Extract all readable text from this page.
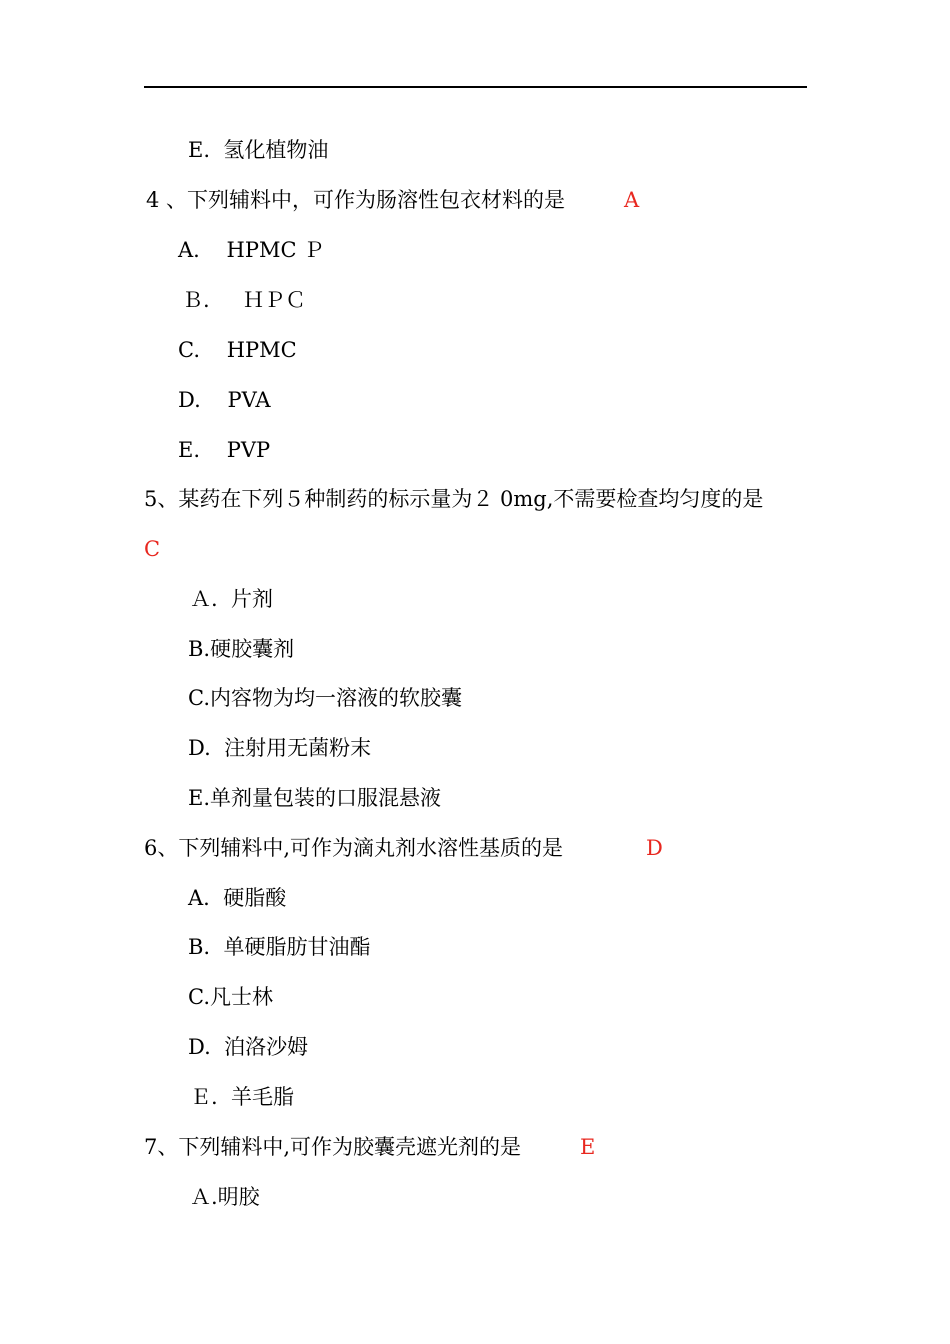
E.  氢化植物油
4 、下列辅料中，可作为肠溶性包衣材料的是	A
A.    HPMC Ｐ
Ｂ.     ＨＰＣ
C.    HPMC
D.    PVA
E.    PVP
5、某药在下列５种制药的标示量为２ 0mg,不需要检查均匀度的是
C
Ａ.  片剂
B.硬胶囊剂
C.内容物为均一溶液的软胶囊
D.  注射用无菌粉末
E.单剂量包装的口服混悬液
6、下列辅料中,可作为滴丸剂水溶性基质的是	D
A.  硬脂酸
B.  单硬脂肪甘油酯
C.凡士林
D.  泊洛沙姆
Ｅ.  羊毛脂
7、下列辅料中,可作为胶囊壳遮光剂的是	E
Ａ.明胶
